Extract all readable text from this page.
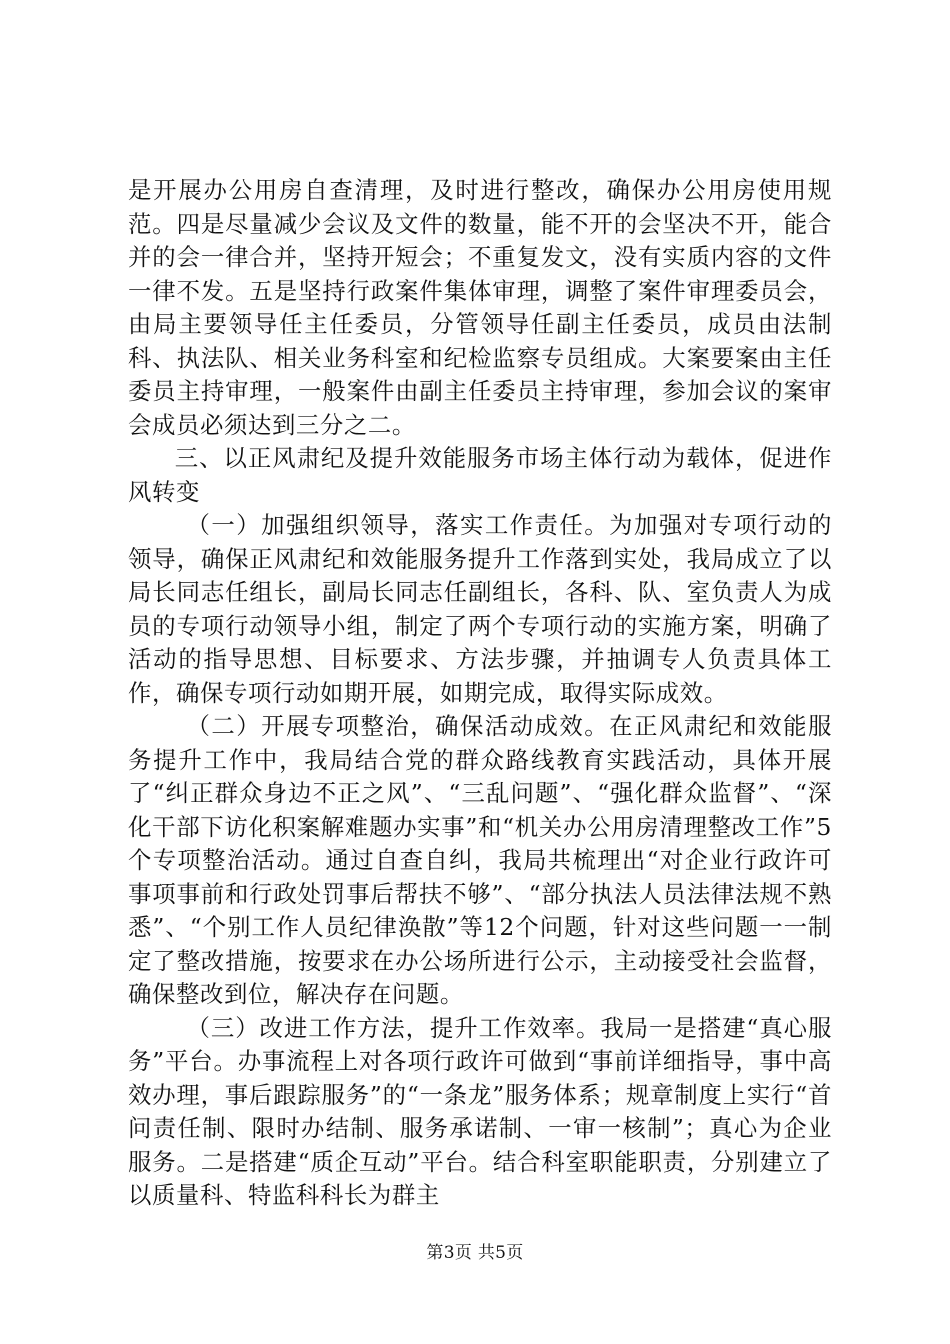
是开展办公用房自查清理，及时进行整改，确保办公用房使用规范。四是尽量减少会议及文件的数量，能不开的会坚决不开，能合并的会一律合并，坚持开短会；不重复发文，没有实质内容的文件一律不发。五是坚持行政案件集体审理，调整了案件审理委员会，由局主要领导任主任委员，分管领导任副主任委员，成员由法制科、执法队、相关业务科室和纪检监察专员组成。大案要案由主任委员主持审理，一般案件由副主任委员主持审理，参加会议的案审会成员必须达到三分之二。

三、以正风肃纪及提升效能服务市场主体行动为载体，促进作风转变

（一）加强组织领导，落实工作责任。为加强对专项行动的领导，确保正风肃纪和效能服务提升工作落到实处，我局成立了以局长同志任组长，副局长同志任副组长，各科、队、室负责人为成员的专项行动领导小组，制定了两个专项行动的实施方案，明确了活动的指导思想、目标要求、方法步骤，并抽调专人负责具体工作，确保专项行动如期开展，如期完成，取得实际成效。

（二）开展专项整治，确保活动成效。在正风肃纪和效能服务提升工作中，我局结合党的群众路线教育实践活动，具体开展了“纠正群众身边不正之风”、“三乱问题”、“强化群众监督”、“深化干部下访化积案解难题办实事”和“机关办公用房清理整改工作”5个专项整治活动。通过自查自纠，我局共梳理出“对企业行政许可事项事前和行政处罚事后帮扶不够”、“部分执法人员法律法规不熟悉”、“个别工作人员纪律涣散”等12个问题，针对这些问题一一制定了整改措施，按要求在办公场所进行公示，主动接受社会监督，确保整改到位，解决存在问题。

（三）改进工作方法，提升工作效率。我局一是搭建“真心服务”平台。办事流程上对各项行政许可做到“事前详细指导，事中高效办理，事后跟踪服务”的“一条龙”服务体系；规章制度上实行“首问责任制、限时办结制、服务承诺制、一审一核制”；真心为企业服务。二是搭建“质企互动”平台。结合科室职能职责，分别建立了以质量科、特监科科长为群主

第3页 共5页
